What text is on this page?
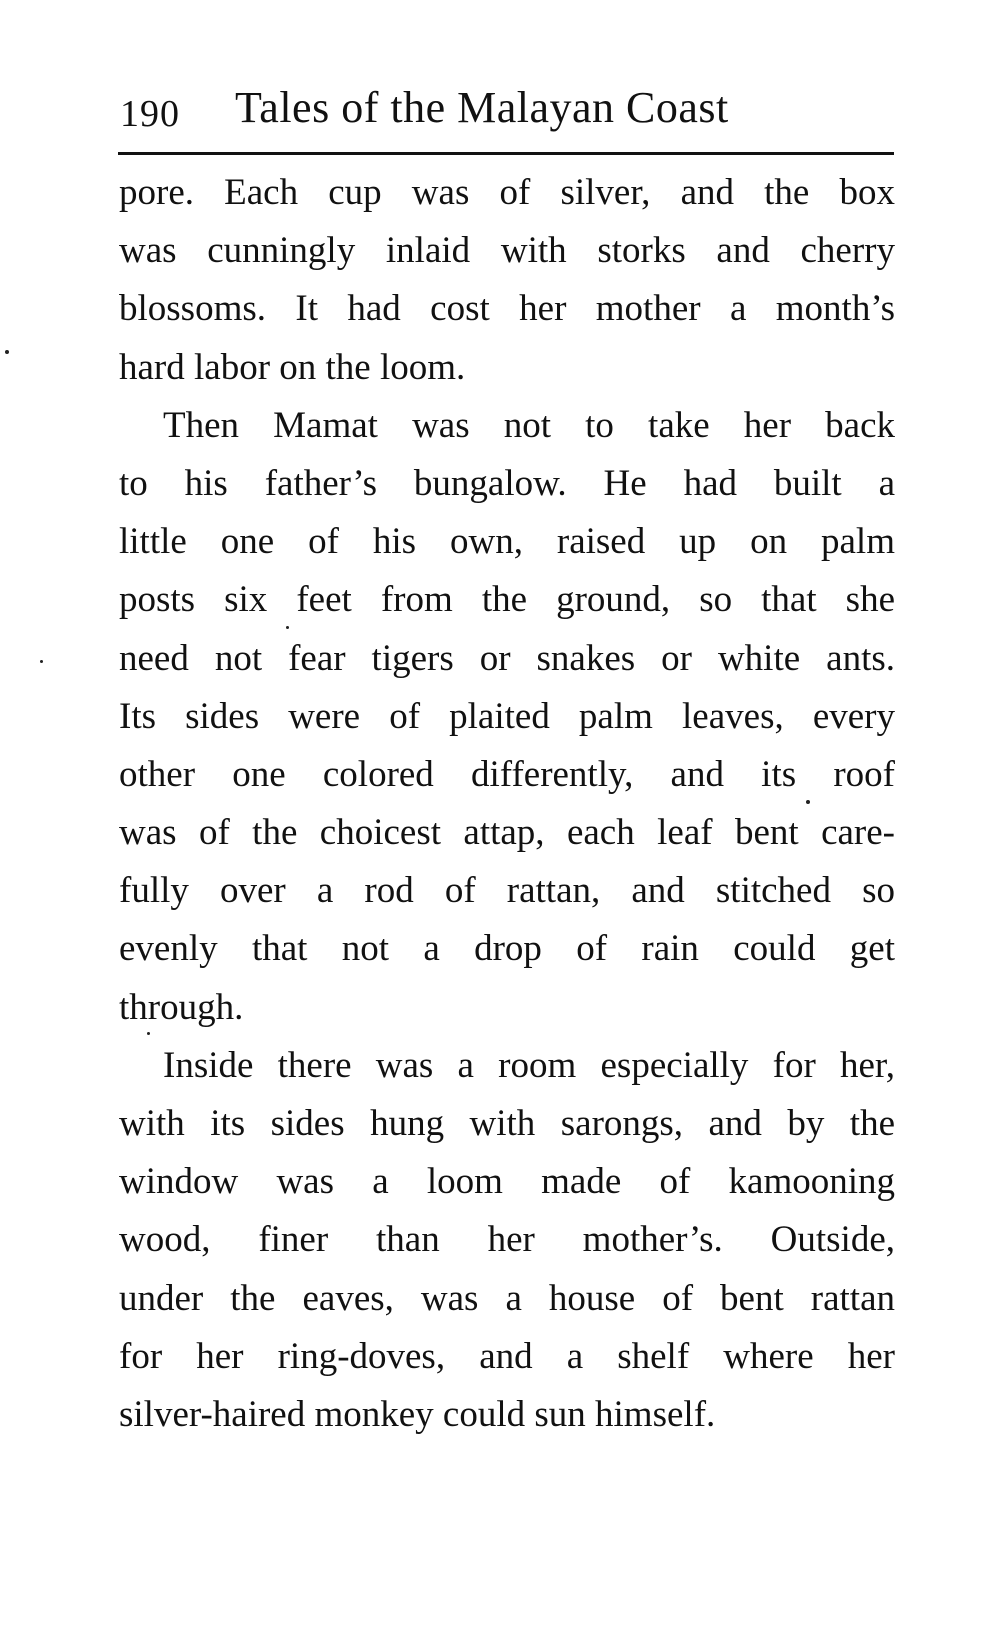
190 Tales of the Malayan Coast
pore. Each cup was of silver, and the box
was cunningly inlaid with storks and cherry
blossoms. It had cost her mother a month’s
hard labor on the loom.
Then Mamat was not to take her back
to his father’s bungalow. He had built a
little one of his own, raised up on palm
posts six feet from the ground, so that she
need not fear tigers or snakes or white ants.
Its sides were of plaited palm leaves, every
other one colored differently, and its roof
was of the choicest attap, each leaf bent care-
fully over a rod of rattan, and stitched so
evenly that not a drop of rain could get
through.
Inside there was a room especially for her,
with its sides hung with sarongs, and by the
window was a loom made of kamooning
wood, finer than her mother’s. Outside,
under the eaves, was a house of bent rattan
for her ring-doves, and a shelf where her
silver-haired monkey could sun himself.
